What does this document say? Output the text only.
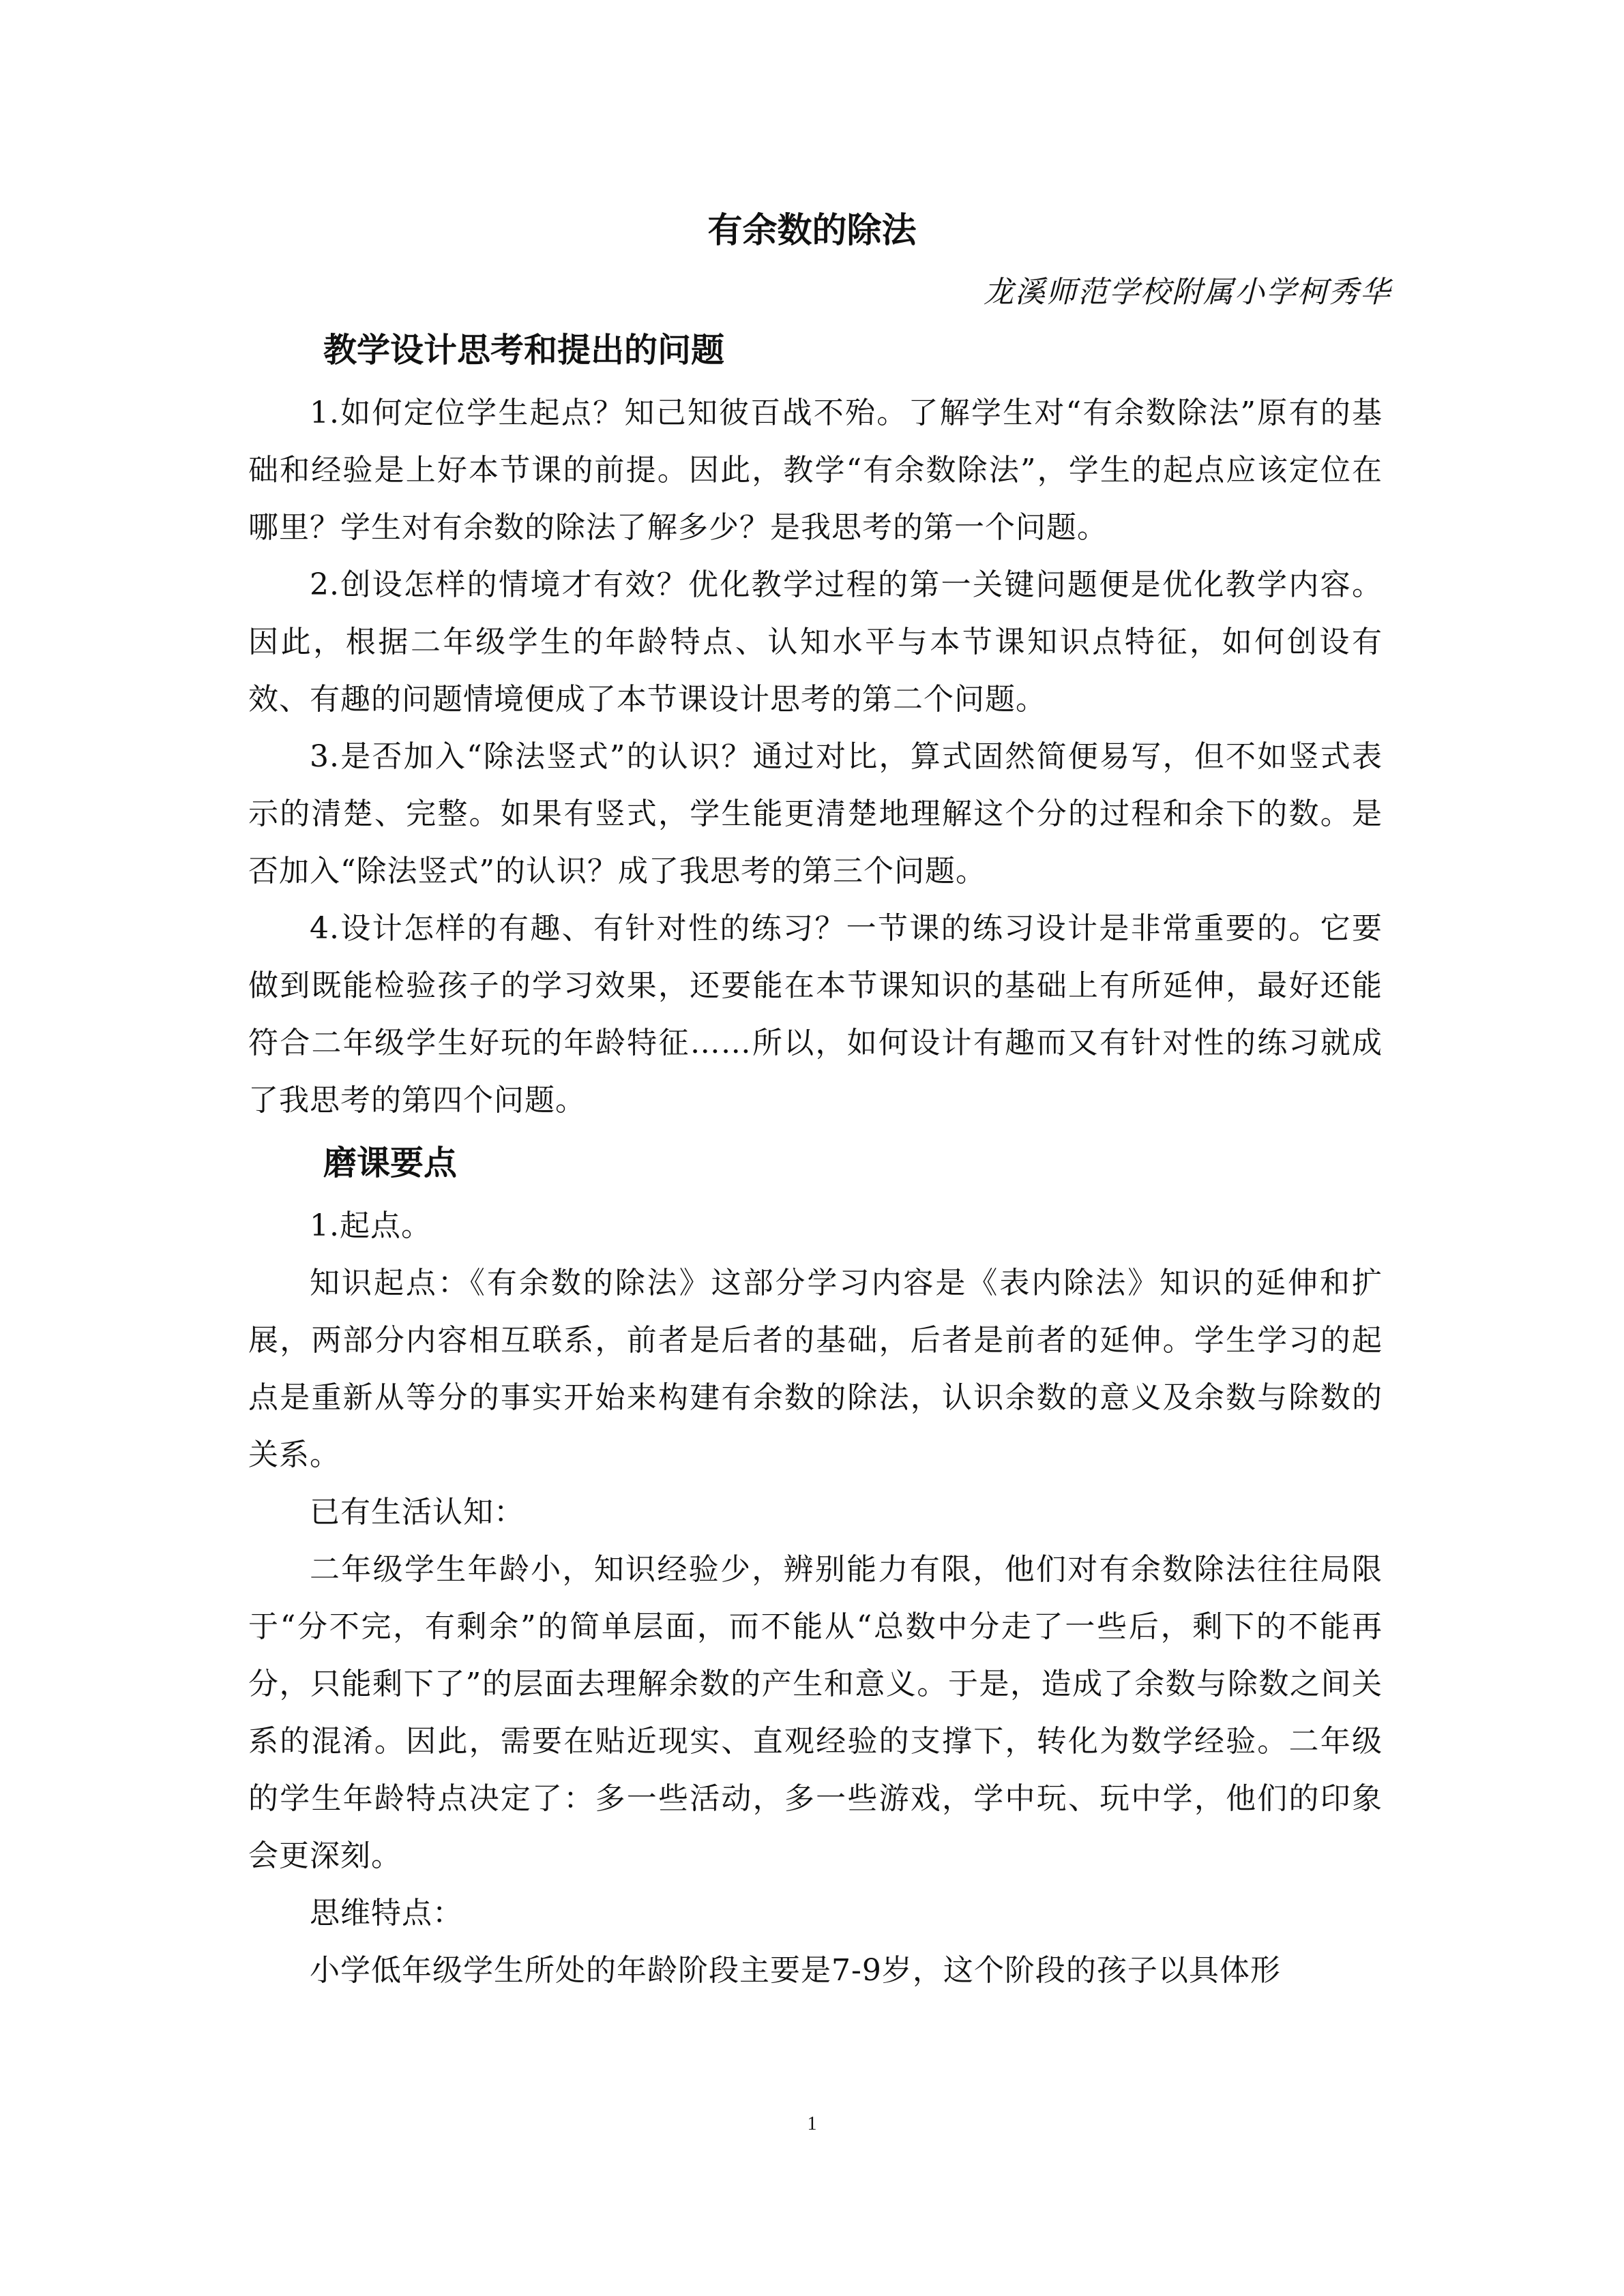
有余数的除法

龙溪师范学校附属小学柯秀华

教学设计思考和提出的问题

1.如何定位学生起点？知己知彼百战不殆。了解学生对“有余数除法”原有的基础和经验是上好本节课的前提。因此，教学“有余数除法”，学生的起点应该定位在哪里？学生对有余数的除法了解多少？是我思考的第一个问题。

2.创设怎样的情境才有效？优化教学过程的第一关键问题便是优化教学内容。因此，根据二年级学生的年龄特点、认知水平与本节课知识点特征，如何创设有效、有趣的问题情境便成了本节课设计思考的第二个问题。

3.是否加入“除法竖式”的认识？通过对比，算式固然简便易写，但不如竖式表示的清楚、完整。如果有竖式，学生能更清楚地理解这个分的过程和余下的数。是否加入“除法竖式”的认识？成了我思考的第三个问题。

4.设计怎样的有趣、有针对性的练习？一节课的练习设计是非常重要的。它要做到既能检验孩子的学习效果，还要能在本节课知识的基础上有所延伸，最好还能符合二年级学生好玩的年龄特征……所以，如何设计有趣而又有针对性的练习就成了我思考的第四个问题。

磨课要点

1.起点。

知识起点：《有余数的除法》这部分学习内容是《表内除法》知识的延伸和扩展，两部分内容相互联系，前者是后者的基础，后者是前者的延伸。学生学习的起点是重新从等分的事实开始来构建有余数的除法，认识余数的意义及余数与除数的关系。

已有生活认知：

二年级学生年龄小，知识经验少，辨别能力有限，他们对有余数除法往往局限于“分不完，有剩余”的简单层面，而不能从“总数中分走了一些后，剩下的不能再分，只能剩下了”的层面去理解余数的产生和意义。于是，造成了余数与除数之间关系的混淆。因此，需要在贴近现实、直观经验的支撑下，转化为数学经验。二年级的学生年龄特点决定了：多一些活动，多一些游戏，学中玩、玩中学，他们的印象会更深刻。

思维特点：

小学低年级学生所处的年龄阶段主要是7-9岁，这个阶段的孩子以具体形

1
